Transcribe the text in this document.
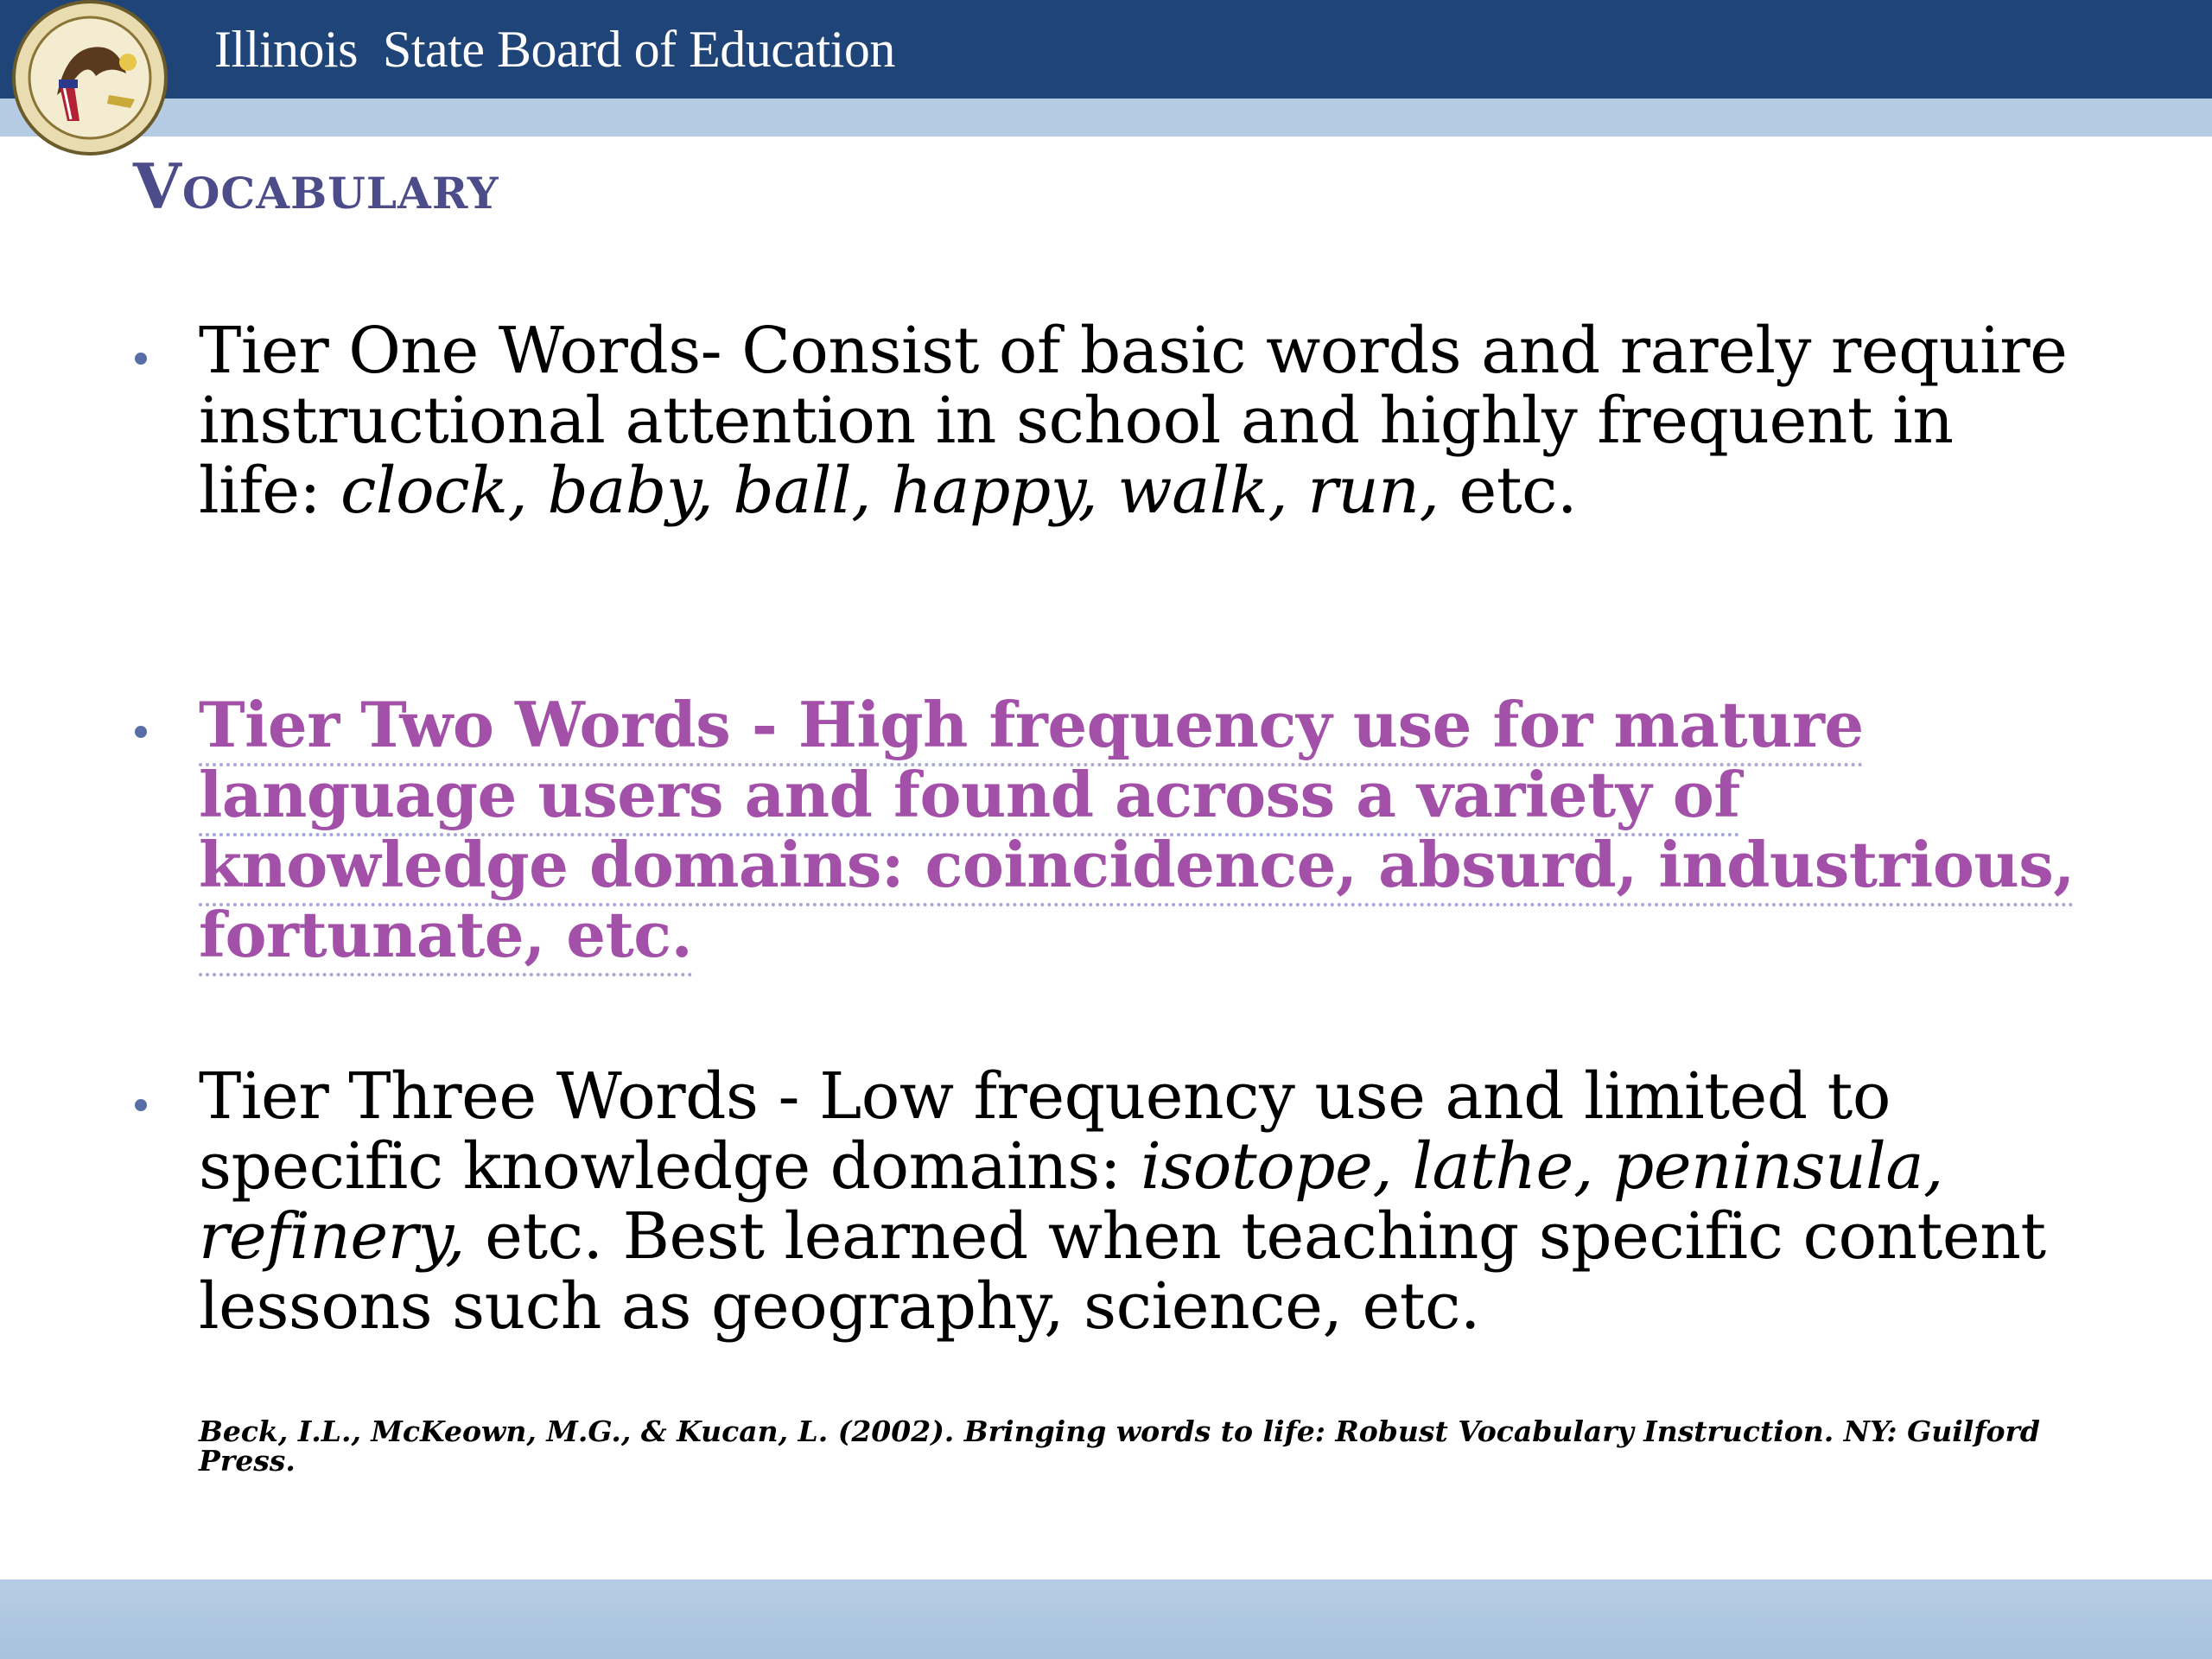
Illinois  State Board of Education
Vocabulary
Tier One Words- Consist of basic words and rarely require instructional attention in school and highly frequent in life: clock, baby, ball, happy, walk, run, etc.
Tier Two Words - High frequency use for mature language users and found across a variety of knowledge domains: coincidence, absurd, industrious, fortunate, etc.
Tier Three Words - Low frequency use and limited to specific knowledge domains: isotope, lathe, peninsula, refinery, etc. Best learned when teaching specific content lessons such as geography, science, etc.
Beck, I.L., McKeown, M.G., & Kucan, L. (2002). Bringing words to life: Robust Vocabulary Instruction. NY: Guilford Press.
